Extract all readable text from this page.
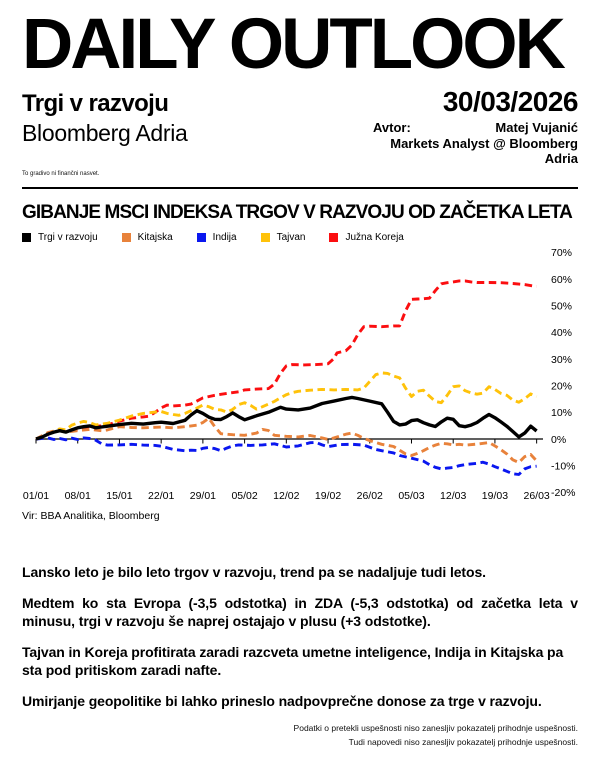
DAILY OUTLOOK
Trgi v razvoju	30/03/2026
Bloomberg Adria	Avtor:	Matej Vujanić
Markets Analyst @ Bloomberg Adria
To gradivo ni finančni nasvet.
GIBANJE MSCI INDEKSA TRGOV V RAZVOJU OD ZAČETKA LETA
Trgi v razvoju	Kitajska	Indija	Tajvan	Južna Koreja
01/01 08/01 15/01 22/01 29/01 05/02 12/02 19/02 26/02 05/03 12/03 19/03 26/03
70%
60%
50%
40%
30%
20%
10%
0%
-10%
-20%
Vir: BBA Analitika, Bloomberg

Lansko leto je bilo leto trgov v razvoju, trend pa se nadaljuje tudi letos.

Medtem ko sta Evropa (-3,5 odstotka) in ZDA (-5,3 odstotka) od začetka leta v minusu, trgi v razvoju še naprej ostajajo v plusu (+3 odstotke).

Tajvan in Koreja profitirata zaradi razcveta umetne inteligence, Indija in Kitajska pa sta pod pritiskom zaradi nafte.

Umirjanje geopolitike bi lahko prineslo nadpovprečne donose za trge v razvoju.

Podatki o pretekli uspešnosti niso zanesljiv pokazatelj prihodnje uspešnosti.
Tudi napovedi niso zanesljiv pokazatelj prihodnje uspešnosti.
